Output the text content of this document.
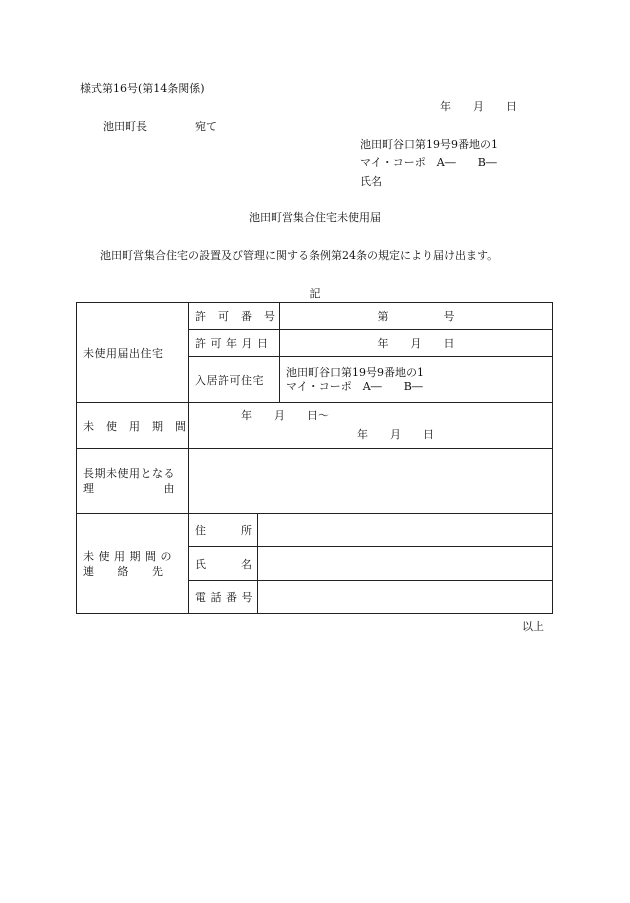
様式第16号(第14条関係)
年　　月　　日
池田町長	宛て
池田町谷口第19号9番地の1
マイ・コーポ　A―　　B―
氏名
池田町営集合住宅未使用届
池田町営集合住宅の設置及び管理に関する条例第24条の規定により届け出ます。
記
未使用届出住宅	許　可　番　号		第　　　　　号

	許 可 年 月 日		年　　月　　日

	入居許可住宅		池田町谷口第19号9番地の1
マイ・コーポ　A―　　B―

未　使　用　期　間	年　　月　　日～
年　　月　　日		

長期未使用となる
理　　　　　　由			

未 使 用 期 間 の
連　　絡　　先	住　　　所		

	氏　　　名		

	電 話 番 号		

以上
